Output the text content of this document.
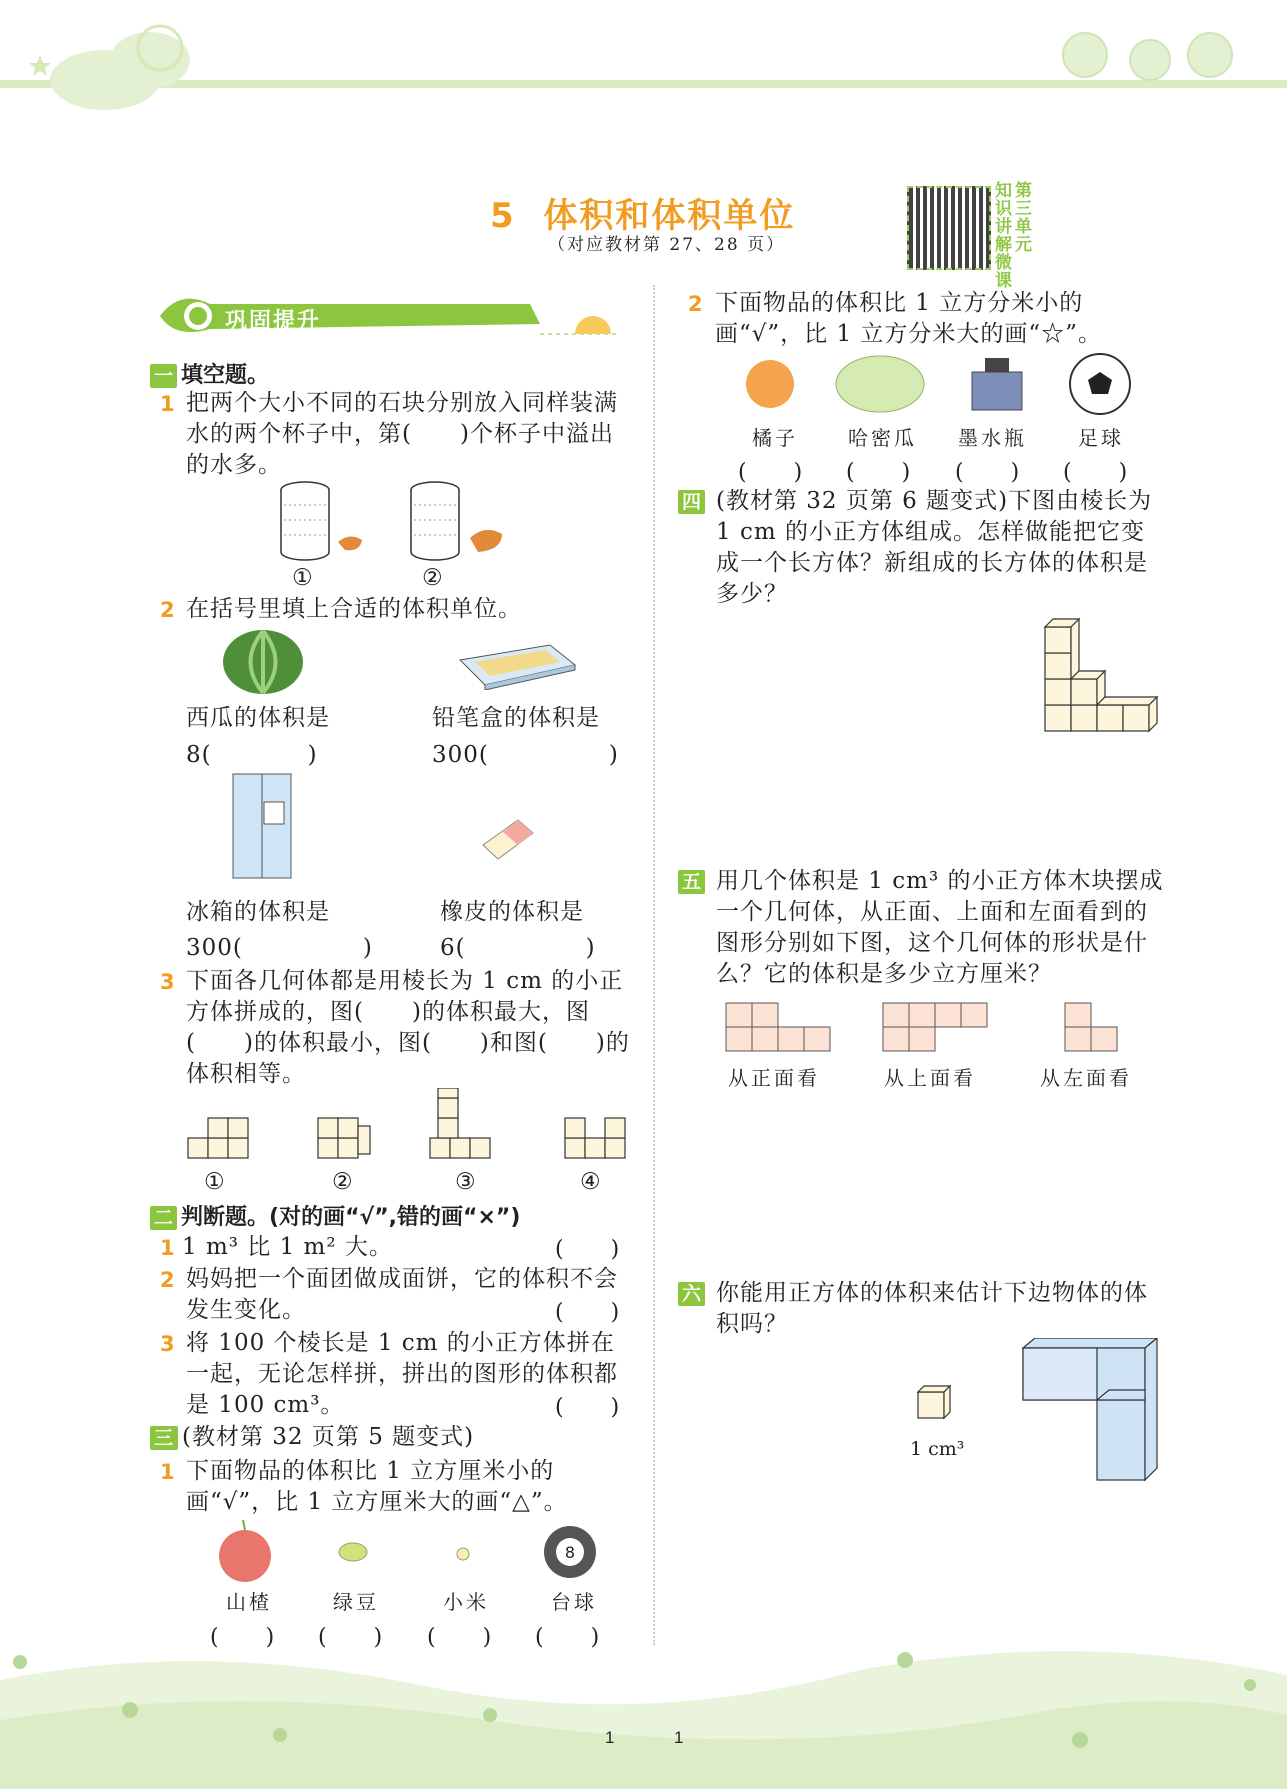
5  体积和体积单位
（对应教材第 27、28 页）
知识讲解微课
第三单元
巩固提升
一 填空题。
1 把两个大小不同的石块分别放入同样装满水的两个杯子中，第(　　)个杯子中溢出的水多。
①	②
2 在括号里填上合适的体积单位。
西瓜的体积是
8(　　　　)
铅笔盒的体积是
300(　　　　　)
冰箱的体积是
300(　　　　　)
橡皮的体积是
6(　　　　　)
3 下面各几何体都是用棱长为 1 cm 的小正方体拼成的，图(　　)的体积最大，图(　　)的体积最小，图(　　)和图(　　)的体积相等。
①	②	③	④
二 判断题。(对的画“√”,错的画“×”)
1 1 m³ 比 1 m² 大。	(　　)
2 妈妈把一个面团做成面饼，它的体积不会发生变化。	(　　)
3 将 100 个棱长是 1 cm 的小正方体拼在一起，无论怎样拼，拼出的图形的体积都是 100 cm³。	(　　)
三 (教材第 32 页第 5 题变式)
1 下面物品的体积比 1 立方厘米小的画“√”，比 1 立方厘米大的画“△”。
8
山楂	绿豆	小米	台球
(　　) (　　) (　　) (　　)
2 下面物品的体积比 1 立方分米小的画“√”，比 1 立方分米大的画“☆”。
橘子	哈密瓜 墨水瓶	足球
(　　) (　　) (　　) (　　)
四 (教材第 32 页第 6 题变式)下图由棱长为 1 cm 的小正方体组成。怎样做能把它变成一个长方体？新组成的长方体的体积是多少？
五 用几个体积是 1 cm³ 的小正方体木块摆成一个几何体，从正面、上面和左面看到的图形分别如下图，这个几何体的形状是什么？它的体积是多少立方厘米？
从正面看	从上面看	从左面看
六 你能用正方体的体积来估计下边物体的体积吗？
1 cm³
1	1
